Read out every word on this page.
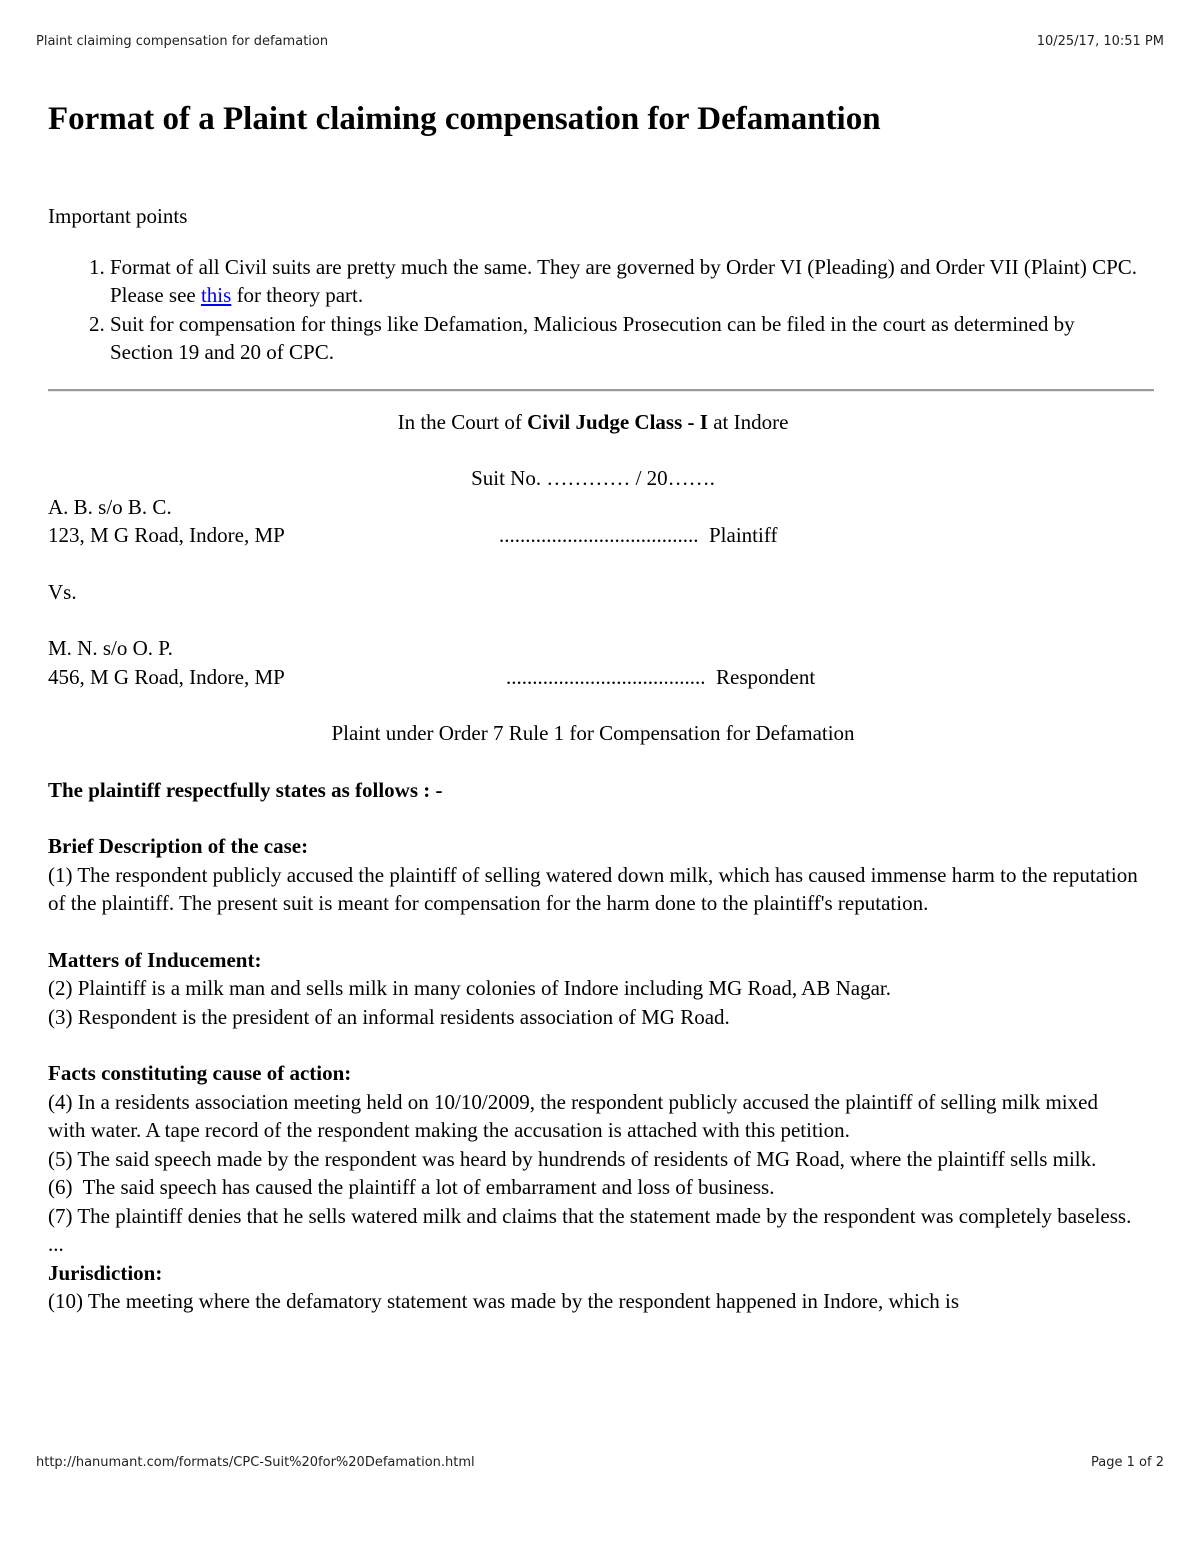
Plaint claiming compensation for defamation	10/25/17, 10:51 PM
Format of a Plaint claiming compensation for Defamantion
Important points
1. Format of all Civil suits are pretty much the same. They are governed by Order VI (Pleading) and Order VII (Plaint) CPC. Please see this for theory part.
2. Suit for compensation for things like Defamation, Malicious Prosecution can be filed in the court as determined by Section 19 and 20 of CPC.
In the Court of Civil Judge Class - I at Indore
Suit No. ………… / 20…….
A. B. s/o B. C.
123, M G Road, Indore, MP	...................................... Plaintiff
Vs.
M. N. s/o O. P.
456, M G Road, Indore, MP	...................................... Respondent
Plaint under Order 7 Rule 1 for Compensation for Defamation
The plaintiff respectfully states as follows : -
Brief Description of the case:
(1) The respondent publicly accused the plaintiff of selling watered down milk, which has caused immense harm to the reputation of the plaintiff. The present suit is meant for compensation for the harm done to the plaintiff's reputation.
Matters of Inducement:
(2) Plaintiff is a milk man and sells milk in many colonies of Indore including MG Road, AB Nagar.
(3) Respondent is the president of an informal residents association of MG Road.
Facts constituting cause of action:
(4) In a residents association meeting held on 10/10/2009, the respondent publicly accused the plaintiff of selling milk mixed with water. A tape record of the respondent making the accusation is attached with this petition.
(5) The said speech made by the respondent was heard by hundrends of residents of MG Road, where the plaintiff sells milk.
(6)  The said speech has caused the plaintiff a lot of embarrament and loss of business.
(7) The plaintiff denies that he sells watered milk and claims that the statement made by the respondent was completely baseless.
...
Jurisdiction:
(10) The meeting where the defamatory statement was made by the respondent happened in Indore, which is
http://hanumant.com/formats/CPC-Suit%20for%20Defamation.html	Page 1 of 2
